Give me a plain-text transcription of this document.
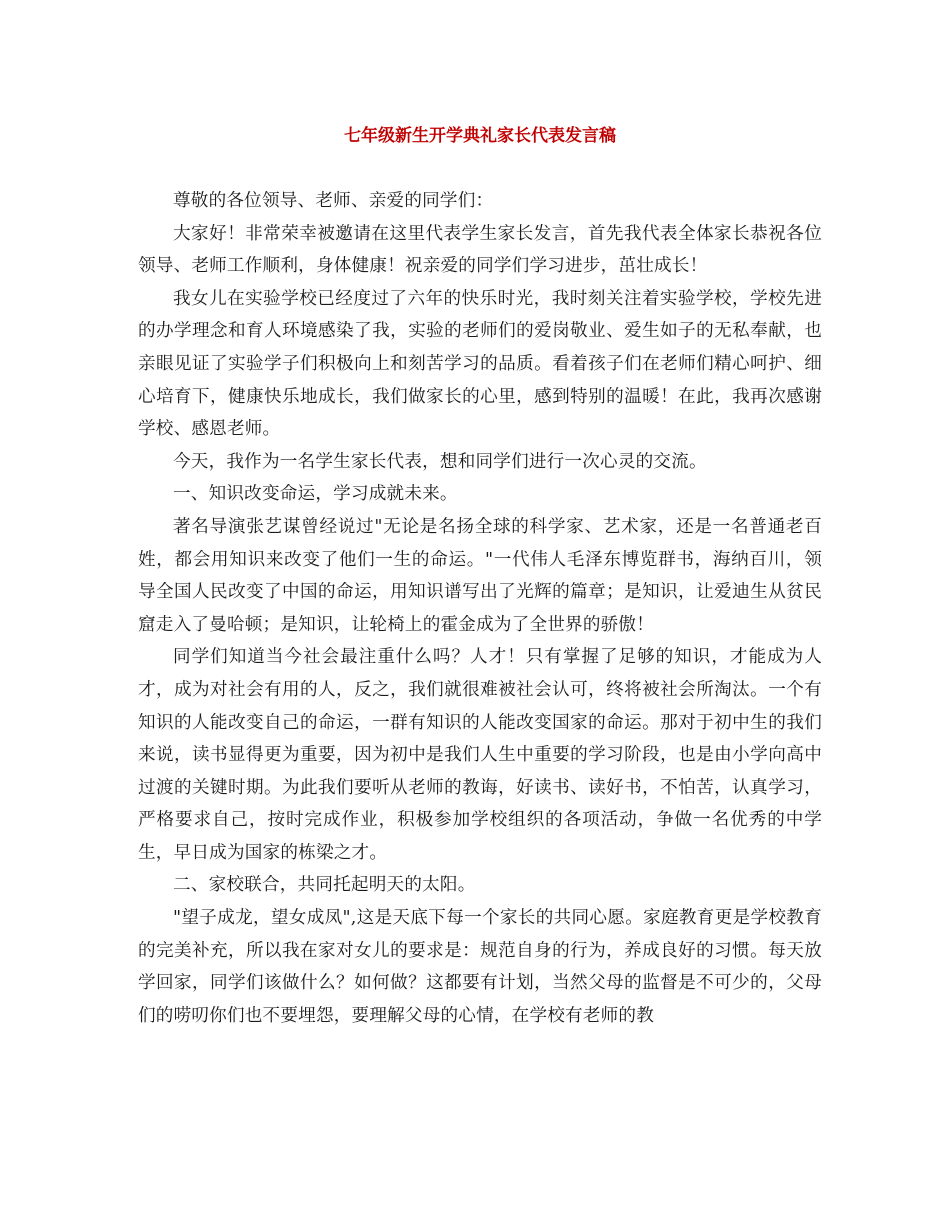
七年级新生开学典礼家长代表发言稿

尊敬的各位领导、老师、亲爱的同学们：

大家好！非常荣幸被邀请在这里代表学生家长发言，首先我代表全体家长恭祝各位领导、老师工作顺利，身体健康！祝亲爱的同学们学习进步，茁壮成长！

我女儿在实验学校已经度过了六年的快乐时光，我时刻关注着实验学校，学校先进的办学理念和育人环境感染了我，实验的老师们的爱岗敬业、爱生如子的无私奉献，也亲眼见证了实验学子们积极向上和刻苦学习的品质。看着孩子们在老师们精心呵护、细心培育下，健康快乐地成长，我们做家长的心里，感到特别的温暖！在此，我再次感谢学校、感恩老师。

今天，我作为一名学生家长代表，想和同学们进行一次心灵的交流。

一、知识改变命运，学习成就未来。

著名导演张艺谋曾经说过"无论是名扬全球的科学家、艺术家，还是一名普通老百姓，都会用知识来改变了他们一生的命运。"一代伟人毛泽东博览群书，海纳百川，领导全国人民改变了中国的命运，用知识谱写出了光辉的篇章；是知识，让爱迪生从贫民窟走入了曼哈顿；是知识，让轮椅上的霍金成为了全世界的骄傲！

同学们知道当今社会最注重什么吗？人才！只有掌握了足够的知识，才能成为人才，成为对社会有用的人，反之，我们就很难被社会认可，终将被社会所淘汰。一个有知识的人能改变自己的命运，一群有知识的人能改变国家的命运。那对于初中生的我们来说，读书显得更为重要，因为初中是我们人生中重要的学习阶段，也是由小学向高中过渡的关键时期。为此我们要听从老师的教诲，好读书、读好书，不怕苦，认真学习，严格要求自己，按时完成作业，积极参加学校组织的各项活动，争做一名优秀的中学生，早日成为国家的栋梁之才。

二、家校联合，共同托起明天的太阳。

"望子成龙，望女成凤",这是天底下每一个家长的共同心愿。家庭教育更是学校教育的完美补充，所以我在家对女儿的要求是：规范自身的行为，养成良好的习惯。每天放学回家，同学们该做什么？如何做？这都要有计划，当然父母的监督是不可少的，父母们的唠叨你们也不要埋怨，要理解父母的心情，在学校有老师的教
